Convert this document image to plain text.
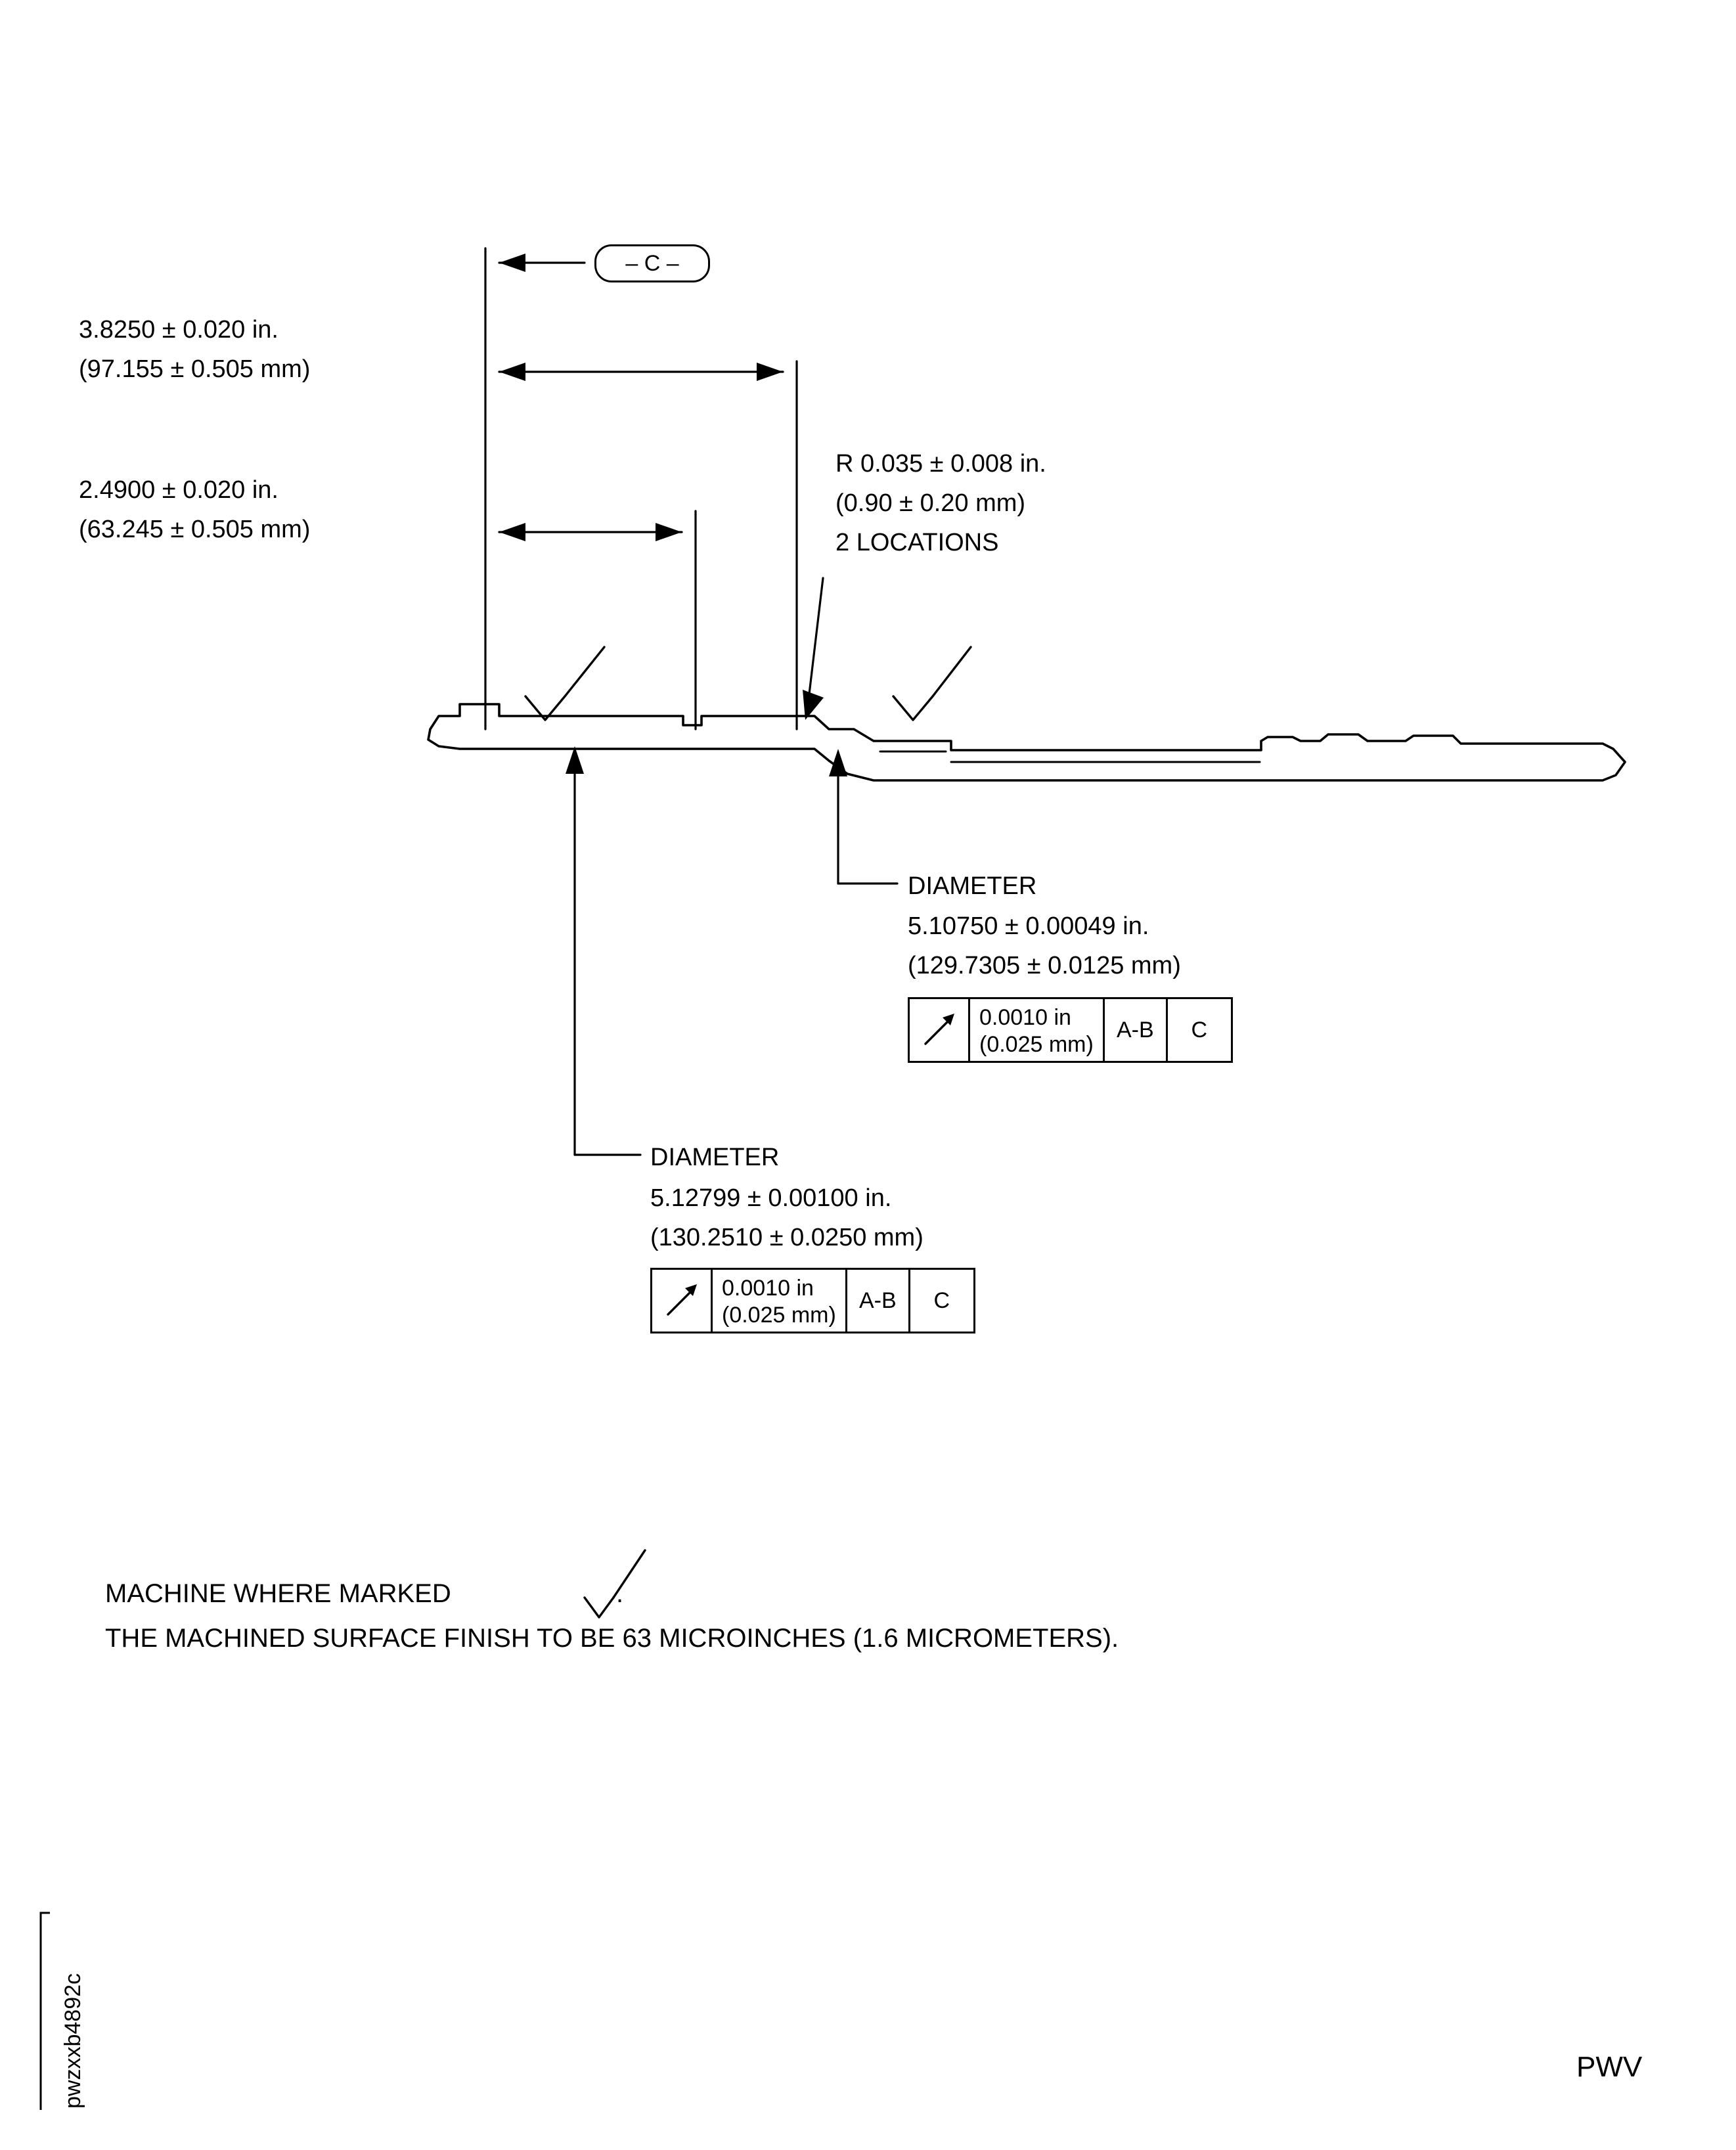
– C –
3.8250 ± 0.020 in.
(97.155 ± 0.505 mm)
2.4900 ± 0.020 in.
(63.245 ± 0.505 mm)
R 0.035 ± 0.008 in.
(0.90 ± 0.20 mm)
2 LOCATIONS
DIAMETER
5.10750 ± 0.00049 in.
(129.7305 ± 0.0125 mm)
0.0010 in
(0.025 mm)
A-B	C
DIAMETER
5.12799 ± 0.00100 in.
(130.2510 ± 0.0250 mm)
0.0010 in
(0.025 mm)
A-B	C
MACHINE WHERE MARKED	.
THE MACHINED SURFACE FINISH TO BE 63 MICROINCHES (1.6 MICROMETERS).
pwzxxb4892c	PWV
